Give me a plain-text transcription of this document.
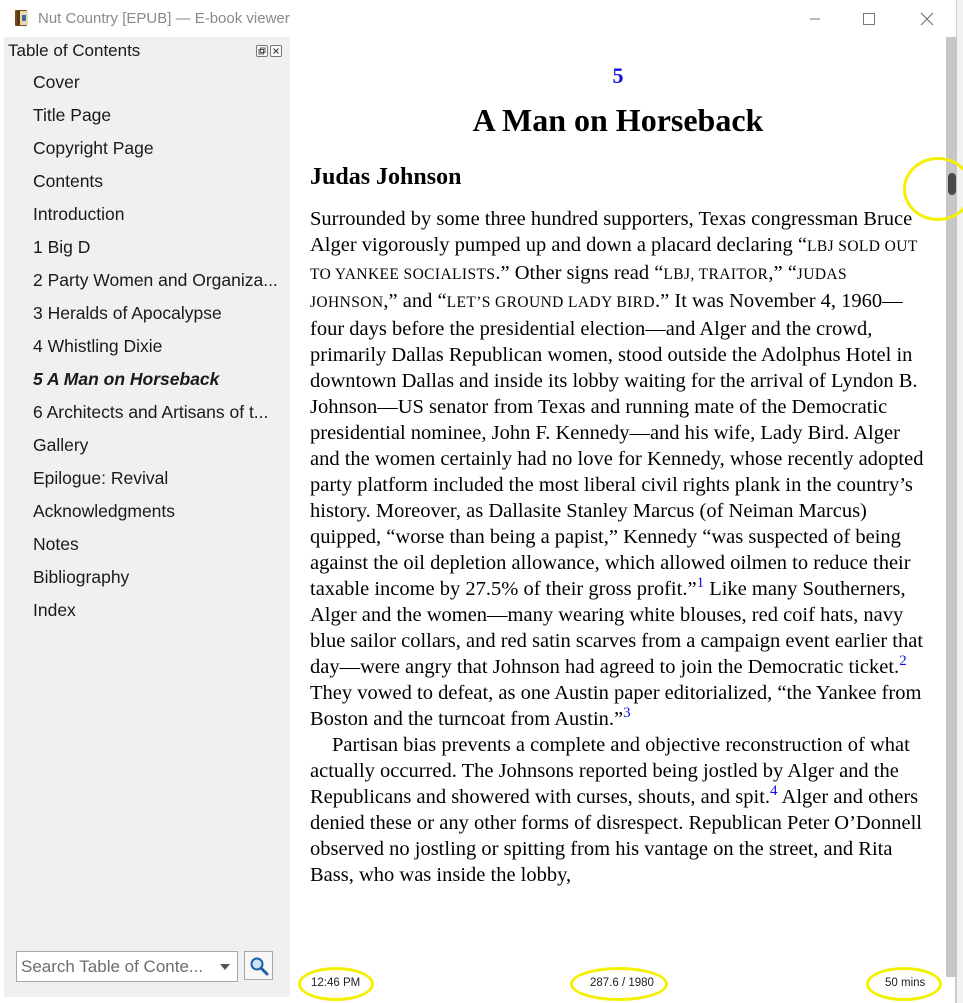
Nut Country [EPUB] — E-book viewer
Table of Contents
Cover
Title Page
Copyright Page
Contents
Introduction
1 Big D
2 Party Women and Organiza...
3 Heralds of Apocalypse
4 Whistling Dixie
5 A Man on Horseback
6 Architects and Artisans of t...
Gallery
Epilogue: Revival
Acknowledgments
Notes
Bibliography
Index
Search Table of Conte...
5
A Man on Horseback
Judas Johnson

Surrounded by some three hundred supporters, Texas congressman Bruce Alger vigorously pumped up and down a placard declaring “LBJ SOLD OUT TO YANKEE SOCIALISTS.” Other signs read “LBJ, TRAITOR,” “JUDAS JOHNSON,” and “LET’S GROUND LADY BIRD.” It was November 4, 1960—four days before the presidential election—and Alger and the crowd, primarily Dallas Republican women, stood outside the Adolphus Hotel in downtown Dallas and inside its lobby waiting for the arrival of Lyndon B. Johnson—US senator from Texas and running mate of the Democratic presidential nominee, John F. Kennedy—and his wife, Lady Bird. Alger and the women certainly had no love for Kennedy, whose recently adopted party platform included the most liberal civil rights plank in the country’s history. Moreover, as Dallasite Stanley Marcus (of Neiman Marcus) quipped, “worse than being a papist,” Kennedy “was suspected of being against the oil depletion allowance, which allowed oilmen to reduce their taxable income by 27.5% of their gross profit.”$^1$ Like many Southerners, Alger and the women—many wearing white blouses, red coif hats, navy blue sailor collars, and red satin scarves from a campaign event earlier that day—were angry that Johnson had agreed to join the Democratic ticket.$^2$ They vowed to defeat, as one Austin paper editorialized, “the Yankee from Boston and the turncoat from Austin.”$^3$

Partisan bias prevents a complete and objective reconstruction of what actually occurred. The Johnsons reported being jostled by Alger and the Republicans and showered with curses, shouts, and spit.$^4$ Alger and others denied these or any other forms of disrespect. Republican Peter O’Donnell observed no jostling or spitting from his vantage on the street, and Rita Bass, who was inside the lobby,

12:46 PM	287.6 / 1980	50 mins
